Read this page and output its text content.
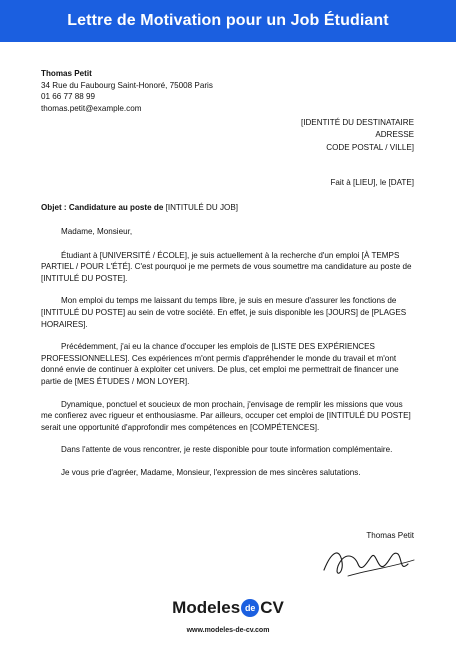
Lettre de Motivation pour un Job Étudiant
Thomas Petit
34 Rue du Faubourg Saint-Honoré, 75008 Paris
01 66 77 88 99
thomas.petit@example.com
[IDENTITÉ DU DESTINATAIRE
ADRESSE
CODE POSTAL / VILLE]
Fait à [LIEU], le [DATE]
Objet : Candidature au poste de [INTITULÉ DU JOB]

Madame, Monsieur,

Étudiant à [UNIVERSITÉ / ÉCOLE], je suis actuellement à la recherche d'un emploi [À TEMPS PARTIEL / POUR L'ÉTÉ]. C'est pourquoi je me permets de vous soumettre ma candidature au poste de [INTITULÉ DU POSTE].

Mon emploi du temps me laissant du temps libre, je suis en mesure d'assurer les fonctions de [INTITULÉ DU POSTE] au sein de votre société. En effet, je suis disponible les [JOURS] de [PLAGES HORAIRES].

Précédemment, j'ai eu la chance d'occuper les emplois de [LISTE DES EXPÉRIENCES PROFESSIONNELLES]. Ces expériences m'ont permis d'appréhender le monde du travail et m'ont donné envie de continuer à exploiter cet univers. De plus, cet emploi me permettrait de financer une partie de [MES ÉTUDES / MON LOYER].

Dynamique, ponctuel et soucieux de mon prochain, j'envisage de remplir les missions que vous me confierez avec rigueur et enthousiasme. Par ailleurs, occuper cet emploi de [INTITULÉ DU POSTE] serait une opportunité d'approfondir mes compétences en [COMPÉTENCES].

Dans l'attente de vous rencontrer, je reste disponible pour toute information complémentaire.

Je vous prie d'agréer, Madame, Monsieur, l'expression de mes sincères salutations.

Thomas Petit
Modeles de CV
www.modeles-de-cv.com
